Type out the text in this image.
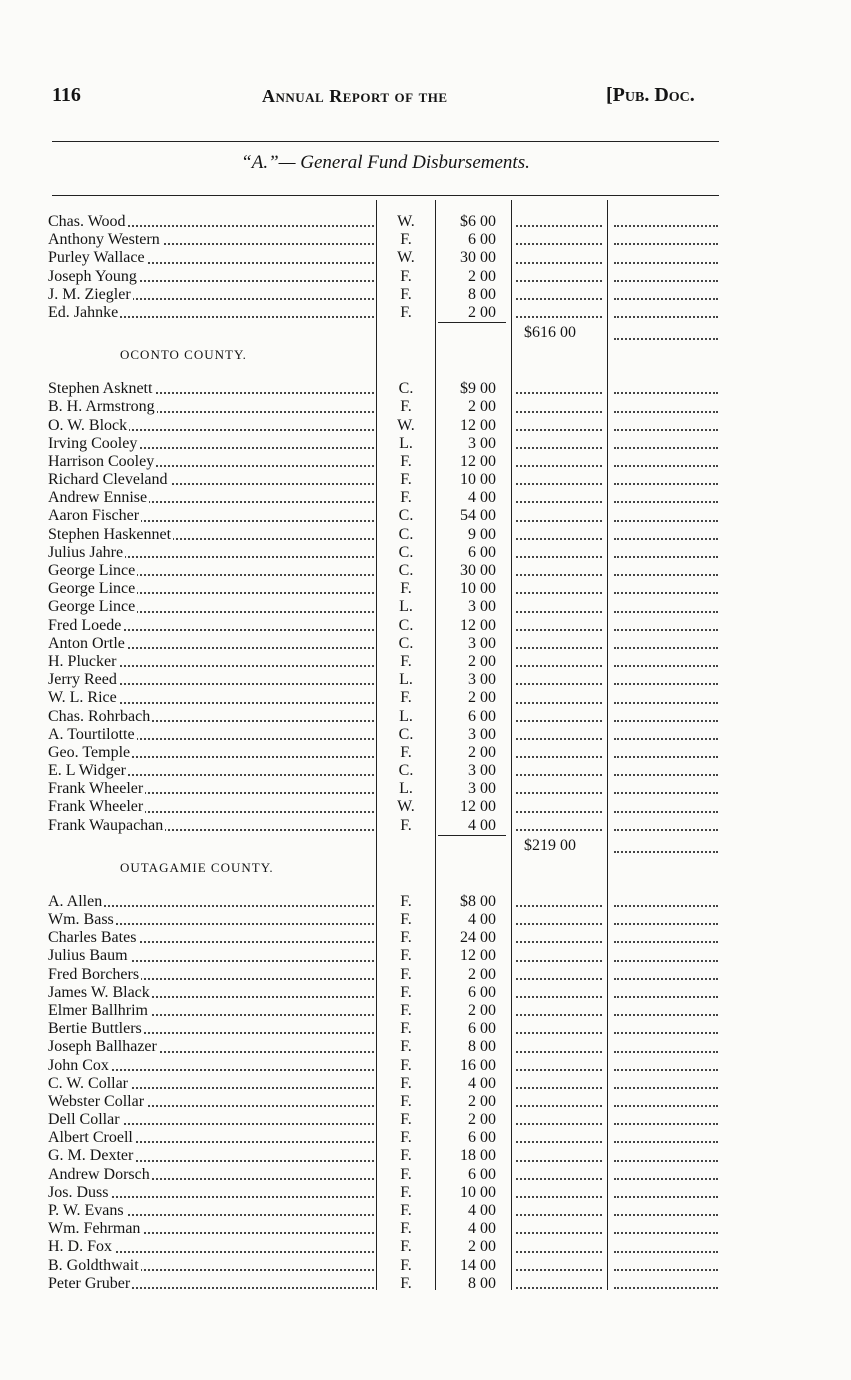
116	Annual Report of the	[Pub. Doc.
“A.”— General Fund Disbursements.
Chas. Wood	W.	$6 00
Anthony Western	F.	6 00
Purley Wallace	W.	30 00
Joseph Young	F.	2 00
J. M. Ziegler	F.	8 00
Ed. Jahnke	F.	2 00
$616 00
OCONTO COUNTY.
Stephen Asknett	C.	$9 00
B. H. Armstrong	F.	2 00
O. W. Block	W.	12 00
Irving Cooley	L.	3 00
Harrison Cooley	F.	12 00
Richard Cleveland	F.	10 00
Andrew Ennise	F.	4 00
Aaron Fischer	C.	54 00
Stephen Haskennet	C.	9 00
Julius Jahre	C.	6 00
George Lince	C.	30 00
George Lince	F.	10 00
George Lince	L.	3 00
Fred Loede	C.	12 00
Anton Ortle	C.	3 00
H. Plucker	F.	2 00
Jerry Reed	L.	3 00
W. L. Rice	F.	2 00
Chas. Rohrbach	L.	6 00
A. Tourtilotte	C.	3 00
Geo. Temple	F.	2 00
E. L Widger	C.	3 00
Frank Wheeler	L.	3 00
Frank Wheeler	W.	12 00
Frank Waupachan	F.	4 00
$219 00
OUTAGAMIE COUNTY.
A. Allen	F.	$8 00
Wm. Bass	F.	4 00
Charles Bates	F.	24 00
Julius Baum	F.	12 00
Fred Borchers	F.	2 00
James W. Black	F.	6 00
Elmer Ballhrim	F.	2 00
Bertie Buttlers	F.	6 00
Joseph Ballhazer	F.	8 00
John Cox	F.	16 00
C. W. Collar	F.	4 00
Webster Collar	F.	2 00
Dell Collar	F.	2 00
Albert Croell	F.	6 00
G. M. Dexter	F.	18 00
Andrew Dorsch	F.	6 00
Jos. Duss	F.	10 00
P. W. Evans	F.	4 00
Wm. Fehrman	F.	4 00
H. D. Fox	F.	2 00
B. Goldthwait	F.	14 00
Peter Gruber	F.	8 00
